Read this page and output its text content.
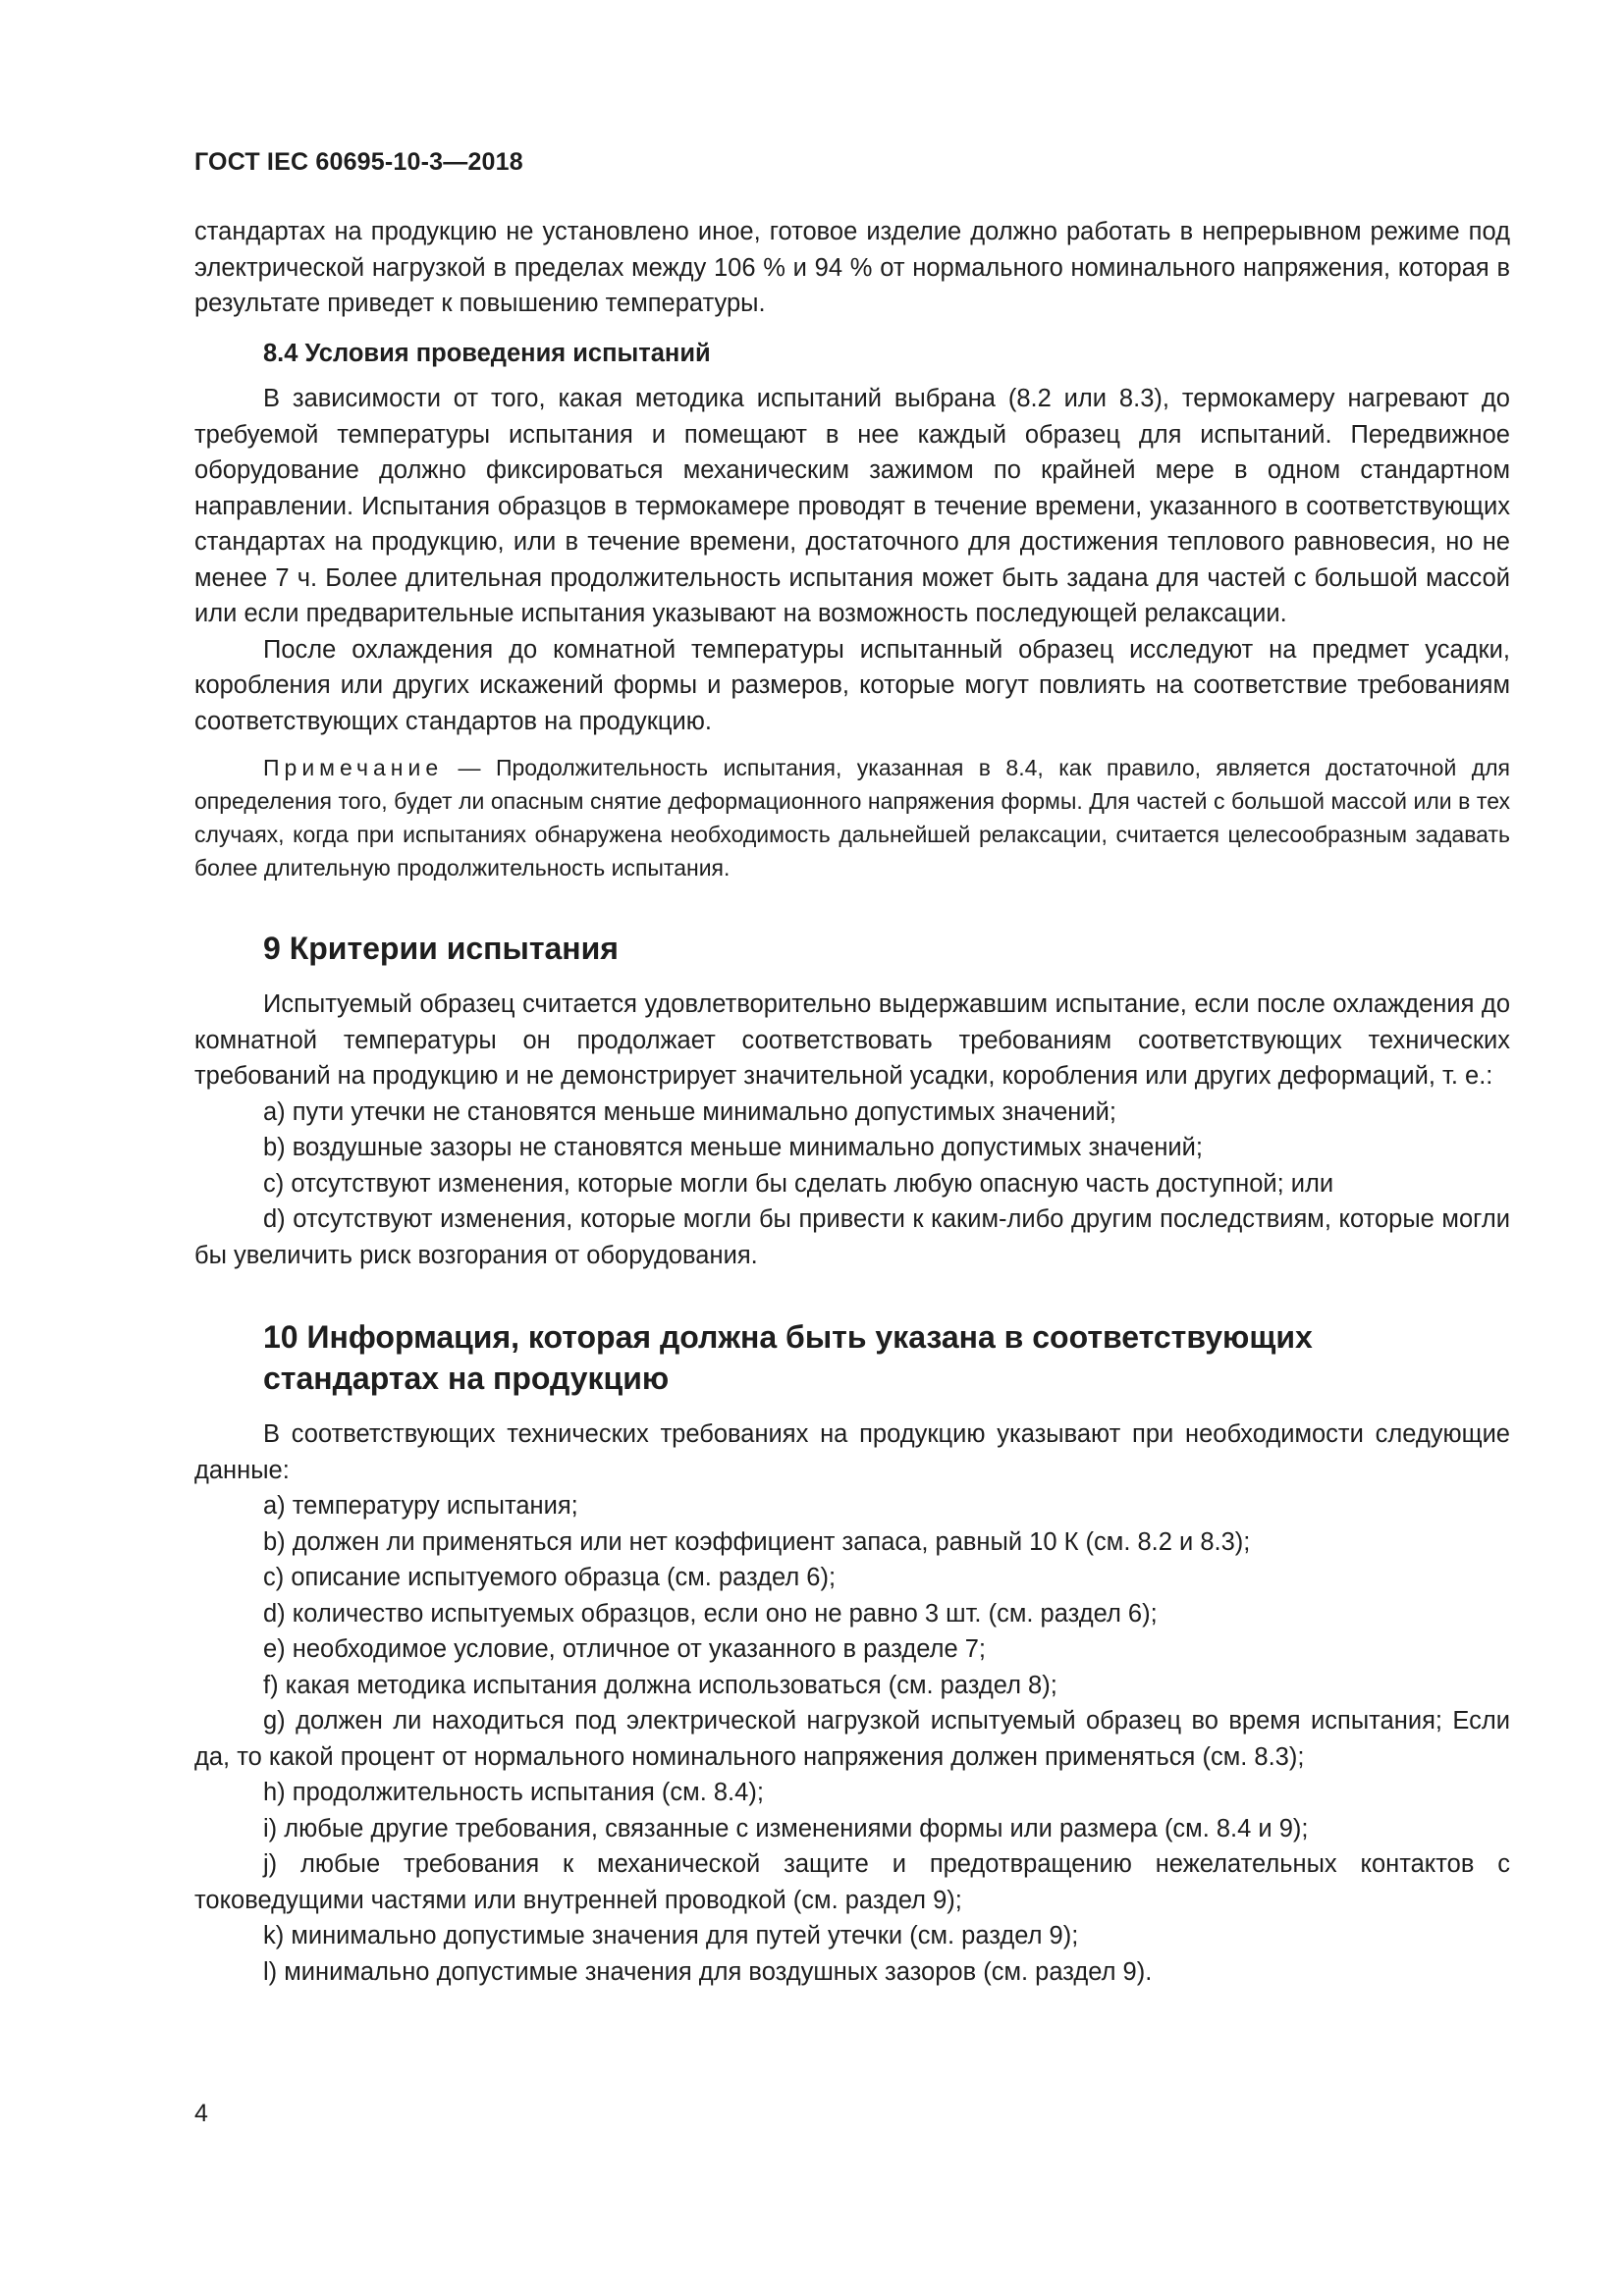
ГОСТ IEC 60695-10-3—2018

стандартах на продукцию не установлено иное, готовое изделие должно работать в непрерывном режиме под электрической нагрузкой в пределах между 106 % и 94 % от нормального номинального напряжения, которая в результате приведет к повышению температуры.

8.4 Условия проведения испытаний

В зависимости от того, какая методика испытаний выбрана (8.2 или 8.3), термокамеру нагревают до требуемой температуры испытания и помещают в нее каждый образец для испытаний. Передвижное оборудование должно фиксироваться механическим зажимом по крайней мере в одном стандартном направлении. Испытания образцов в термокамере проводят в течение времени, указанного в соответствующих стандартах на продукцию, или в течение времени, достаточного для достижения теплового равновесия, но не менее 7 ч. Более длительная продолжительность испытания может быть задана для частей с большой массой или если предварительные испытания указывают на возможность последующей релаксации.

После охлаждения до комнатной температуры испытанный образец исследуют на предмет усадки, коробления или других искажений формы и размеров, которые могут повлиять на соответствие требованиям соответствующих стандартов на продукцию.

Примечание — Продолжительность испытания, указанная в 8.4, как правило, является достаточной для определения того, будет ли опасным снятие деформационного напряжения формы. Для частей с большой массой или в тех случаях, когда при испытаниях обнаружена необходимость дальнейшей релаксации, считается целесообразным задавать более длительную продолжительность испытания.

9 Критерии испытания

Испытуемый образец считается удовлетворительно выдержавшим испытание, если после охлаждения до комнатной температуры он продолжает соответствовать требованиям соответствующих технических требований на продукцию и не демонстрирует значительной усадки, коробления или других деформаций, т. е.:

a) пути утечки не становятся меньше минимально допустимых значений;

b) воздушные зазоры не становятся меньше минимально допустимых значений;

c) отсутствуют изменения, которые могли бы сделать любую опасную часть доступной; или

d) отсутствуют изменения, которые могли бы привести к каким-либо другим последствиям, которые могли бы увеличить риск возгорания от оборудования.

10 Информация, которая должна быть указана в соответствующих
стандартах на продукцию

В соответствующих технических требованиях на продукцию указывают при необходимости следующие данные:

a) температуру испытания;

b) должен ли применяться или нет коэффициент запаса, равный 10 К (см. 8.2 и 8.3);

c) описание испытуемого образца (см. раздел 6);

d) количество испытуемых образцов, если оно не равно 3 шт. (см. раздел 6);

e) необходимое условие, отличное от указанного в разделе 7;

f) какая методика испытания должна использоваться (см. раздел 8);

g) должен ли находиться под электрической нагрузкой испытуемый образец во время испытания; Если да, то какой процент от нормального номинального напряжения должен применяться (см. 8.3);

h) продолжительность испытания (см. 8.4);

i) любые другие требования, связанные с изменениями формы или размера (см. 8.4 и 9);

j) любые требования к механической защите и предотвращению нежелательных контактов с токоведущими частями или внутренней проводкой (см. раздел 9);

k) минимально допустимые значения для путей утечки (см. раздел 9);

l) минимально допустимые значения для воздушных зазоров (см. раздел 9).

4
